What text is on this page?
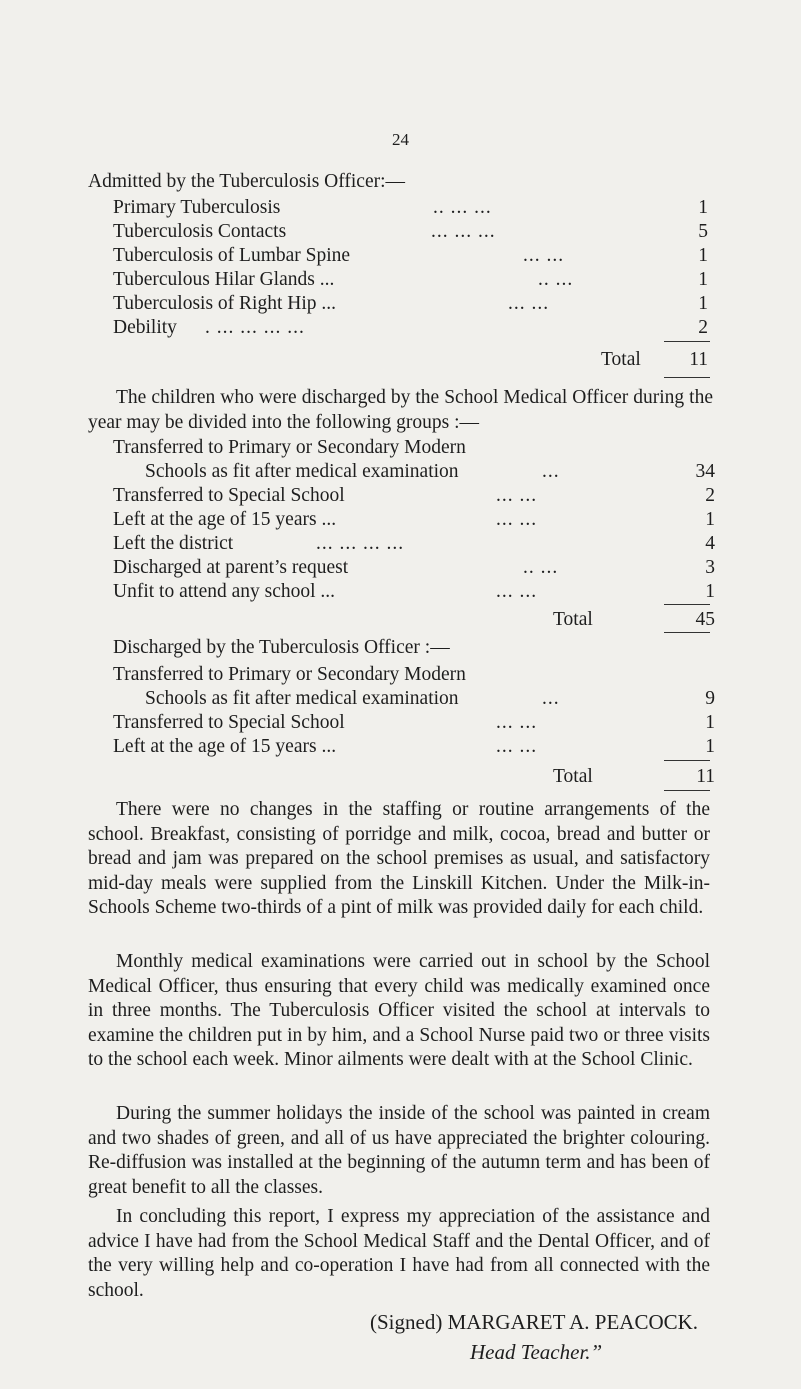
24
Admitted by the Tuberculosis Officer:—
Primary Tuberculosis	.. ... ...	1
Tuberculosis Contacts	... ... ...	5
Tuberculosis of Lumbar Spine	... ...	1
Tuberculous Hilar Glands ...	.. ...	1
Tuberculosis of Right Hip ...	... ...	1
Debility . ... ... ... ...	2
Total 11
The children who were discharged by the School Medical Officer during the year may be divided into the following groups :—
Transferred to Primary or Secondary Modern
Schools as fit after medical examination	...	34
Transferred to Special School	... ...	2
Left at the age of 15 years ...	... ...	1
Left the district	... ... ... ...	4
Discharged at parent’s request	.. ...	3
Unfit to attend any school ...	... ...	1
Total	45
Discharged by the Tuberculosis Officer :—
Transferred to Primary or Secondary Modern
Schools as fit after medical examination	...	9
Transferred to Special School	... ...	1
Left at the age of 15 years ...	... ...	1
Total	11
There were no changes in the staffing or routine arrangements of the school. Breakfast, consisting of porridge and milk, cocoa, bread and butter or bread and jam was prepared on the school premises as usual, and satisfactory mid-day meals were supplied from the Linskill Kitchen. Under the Milk-in-Schools Scheme two-thirds of a pint of milk was provided daily for each child.
Monthly medical examinations were carried out in school by the School Medical Officer, thus ensuring that every child was medically examined once in three months. The Tuberculosis Officer visited the school at intervals to examine the children put in by him, and a School Nurse paid two or three visits to the school each week. Minor ailments were dealt with at the School Clinic.
During the summer holidays the inside of the school was painted in cream and two shades of green, and all of us have appreciated the brighter colouring. Re-diffusion was installed at the beginning of the autumn term and has been of great benefit to all the classes.
In concluding this report, I express my appreciation of the assistance and advice I have had from the School Medical Staff and the Dental Officer, and of the very willing help and co-operation I have had from all connected with the school.
(Signed) MARGARET A. PEACOCK.
Head Teacher.”
